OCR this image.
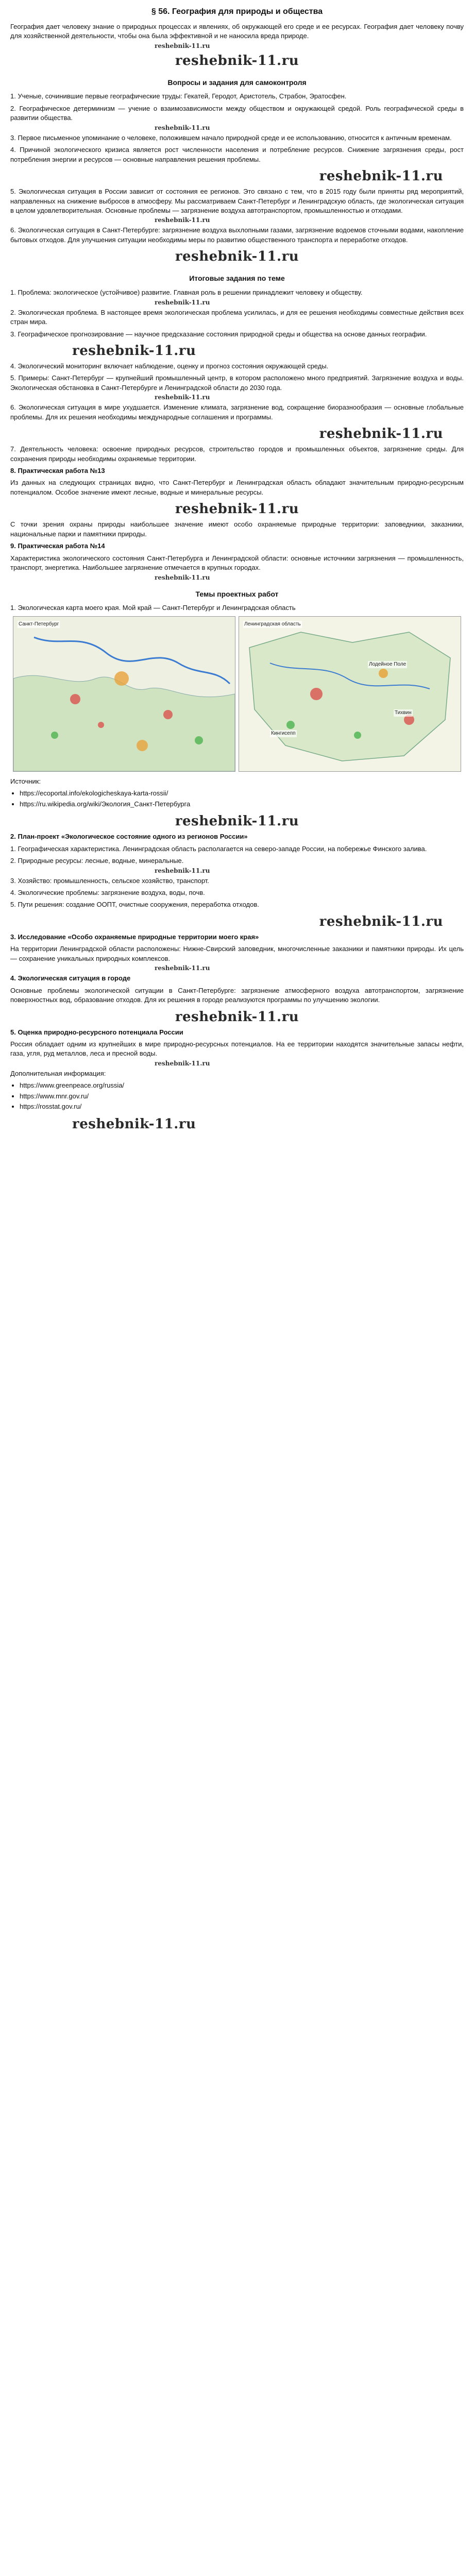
§ 56. География для природы и общества

География дает человеку знание о природных процессах и явлениях, об окружающей его среде и ее ресурсах. География дает человеку почву для хозяйственной деятельности, чтобы она была эффективной и не наносила вреда природе.

reshebnik-11.ru
reshebnik-11.ru
Вопросы и задания для самоконтроля

1. Ученые, сочинившие первые географические труды: Гекатей, Геродот, Аристотель, Страбон, Эратосфен.

2. Географическое детерминизм — учение о взаимозависимости между обществом и окружающей средой. Роль географической среды в развитии общества.

reshebnik-11.ru

3. Первое письменное упоминание о человеке, положившем начало природной среде и ее использованию, относится к античным временам.

4. Причиной экологического кризиса является рост численности населения и потребление ресурсов. Снижение загрязнения среды, рост потребления энергии и ресурсов — основные направления решения проблемы.

reshebnik-11.ru

5. Экологическая ситуация в России зависит от состояния ее регионов. Это связано с тем, что в 2015 году были приняты ряд мероприятий, направленных на снижение выбросов в атмосферу. Мы рассматриваем Санкт-Петербург и Ленинградскую область, где экологическая ситуация в целом удовлетворительная. Основные проблемы — загрязнение воздуха автотранспортом, промышленностью и отходами.

reshebnik-11.ru

6. Экологическая ситуация в Санкт-Петербурге: загрязнение воздуха выхлопными газами, загрязнение водоемов сточными водами, накопление бытовых отходов. Для улучшения ситуации необходимы меры по развитию общественного транспорта и переработке отходов.

reshebnik-11.ru
Итоговые задания по теме

1. Проблема: экологическое (устойчивое) развитие. Главная роль в решении принадлежит человеку и обществу.

reshebnik-11.ru

2. Экологическая проблема. В настоящее время экологическая проблема усилилась, и для ее решения необходимы совместные действия всех стран мира.

3. Географическое прогнозирование — научное предсказание состояния природной среды и общества на основе данных географии.

reshebnik-11.ru

4. Экологический мониторинг включает наблюдение, оценку и прогноз состояния окружающей среды.

5. Примеры: Санкт-Петербург — крупнейший промышленный центр, в котором расположено много предприятий. Загрязнение воздуха и воды. Экологическая обстановка в Санкт-Петербурге и Ленинградской области до 2030 года.

reshebnik-11.ru

6. Экологическая ситуация в мире ухудшается. Изменение климата, загрязнение вод, сокращение биоразнообразия — основные глобальные проблемы. Для их решения необходимы международные соглашения и программы.

reshebnik-11.ru

7. Деятельность человека: освоение природных ресурсов, строительство городов и промышленных объектов, загрязнение среды. Для сохранения природы необходимы охраняемые территории.

8. Практическая работа №13

Из данных на следующих страницах видно, что Санкт-Петербург и Ленинградская область обладают значительным природно-ресурсным потенциалом. Особое значение имеют лесные, водные и минеральные ресурсы.

reshebnik-11.ru

С точки зрения охраны природы наибольшее значение имеют особо охраняемые природные территории: заповедники, заказники, национальные парки и памятники природы.

9. Практическая работа №14

Характеристика экологического состояния Санкт-Петербурга и Ленинградской области: основные источники загрязнения — промышленность, транспорт, энергетика. Наибольшее загрязнение отмечается в крупных городах.

reshebnik-11.ru
Темы проектных работ

1. Экологическая карта моего края. Мой край — Санкт-Петербург и Ленинградская область

Санкт-Петербург	Ленинградская область
Лодейное Поле
Тихвин
Кингисепп

Источник:

• https://ecoportal.info/ekologicheskaya-karta-rossii/
• https://ru.wikipedia.org/wiki/Экология_Санкт-Петербурга
reshebnik-11.ru

2. План-проект «Экологическое состояние одного из регионов России»

1. Географическая характеристика. Ленинградская область располагается на северо-западе России, на побережье Финского залива.

2. Природные ресурсы: лесные, водные, минеральные.

reshebnik-11.ru

3. Хозяйство: промышленность, сельское хозяйство, транспорт.

4. Экологические проблемы: загрязнение воздуха, воды, почв.

5. Пути решения: создание ООПТ, очистные сооружения, переработка отходов.

reshebnik-11.ru

3. Исследование «Особо охраняемые природные территории моего края»

На территории Ленинградской области расположены: Нижне-Свирский заповедник, многочисленные заказники и памятники природы. Их цель — сохранение уникальных природных комплексов.

reshebnik-11.ru

4. Экологическая ситуация в городе

Основные проблемы экологической ситуации в Санкт-Петербурге: загрязнение атмосферного воздуха автотранспортом, загрязнение поверхностных вод, образование отходов. Для их решения в городе реализуются программы по улучшению экологии.

reshebnik-11.ru

5. Оценка природно-ресурсного потенциала России

Россия обладает одним из крупнейших в мире природно-ресурсных потенциалов. На ее территории находятся значительные запасы нефти, газа, угля, руд металлов, леса и пресной воды.

reshebnik-11.ru

Дополнительная информация:

• https://www.greenpeace.org/russia/
• https://www.mnr.gov.ru/
• https://rosstat.gov.ru/
reshebnik-11.ru
